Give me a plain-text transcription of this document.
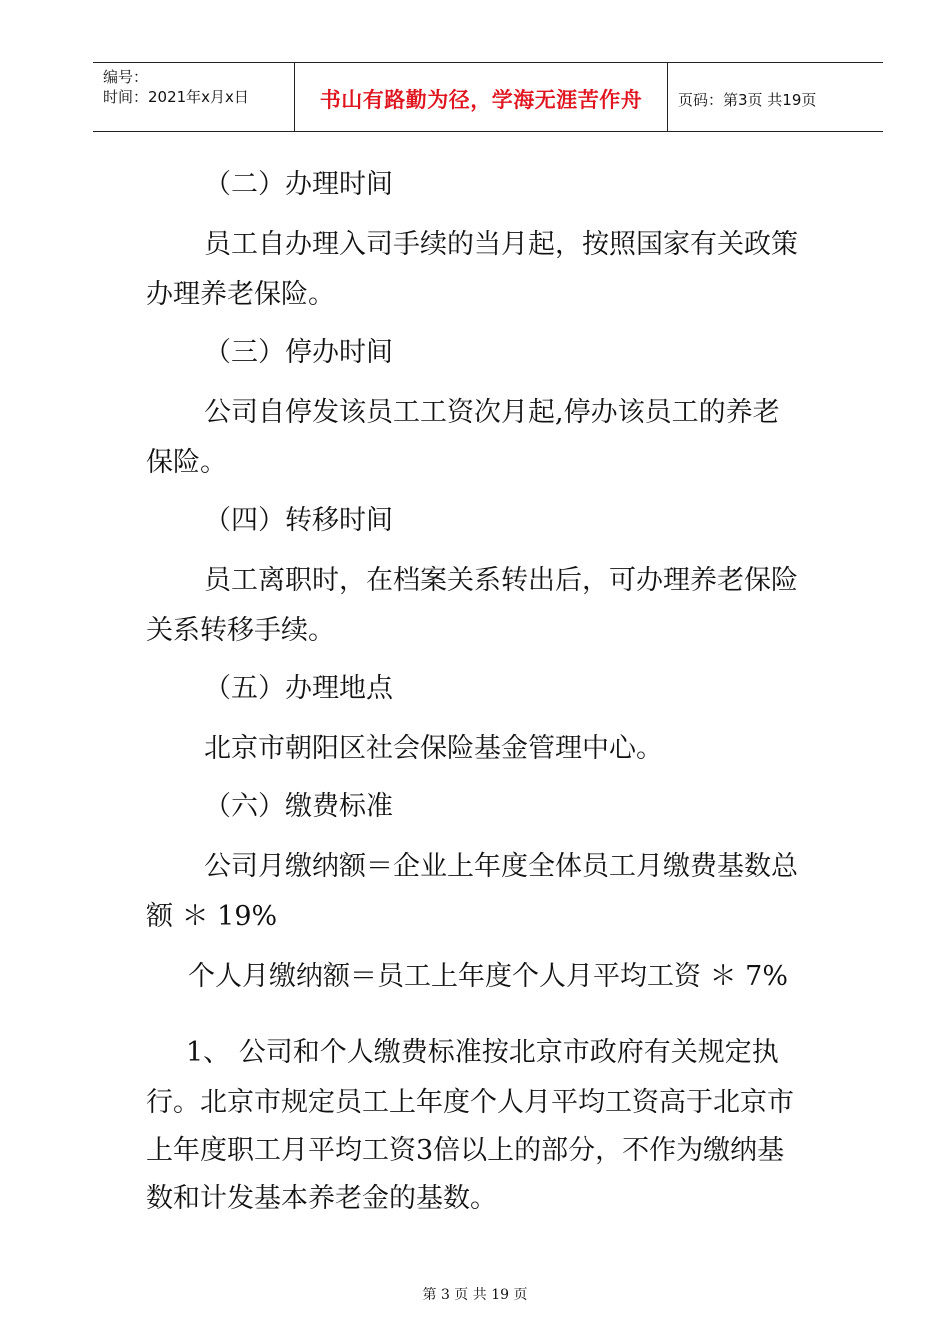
编号：
时间：2021年x月x日	书山有路勤为径，学海无涯苦作舟	页码：第3页 共19页
（二）办理时间
员工自办理入司手续的当月起，按照国家有关政策
办理养老保险。
（三）停办时间
公司自停发该员工工资次月起,停办该员工的养老
保险。
（四）转移时间
员工离职时，在档案关系转出后，可办理养老保险
关系转移手续。
（五）办理地点
北京市朝阳区社会保险基金管理中心。
（六）缴费标准
公司月缴纳额＝企业上年度全体员工月缴费基数总
额 ＊ 19%
个人月缴纳额＝员工上年度个人月平均工资 ＊ 7%
1、 公司和个人缴费标准按北京市政府有关规定执
行。北京市规定员工上年度个人月平均工资高于北京市
上年度职工月平均工资3倍以上的部分，不作为缴纳基
数和计发基本养老金的基数。
第 3 页 共 19 页
